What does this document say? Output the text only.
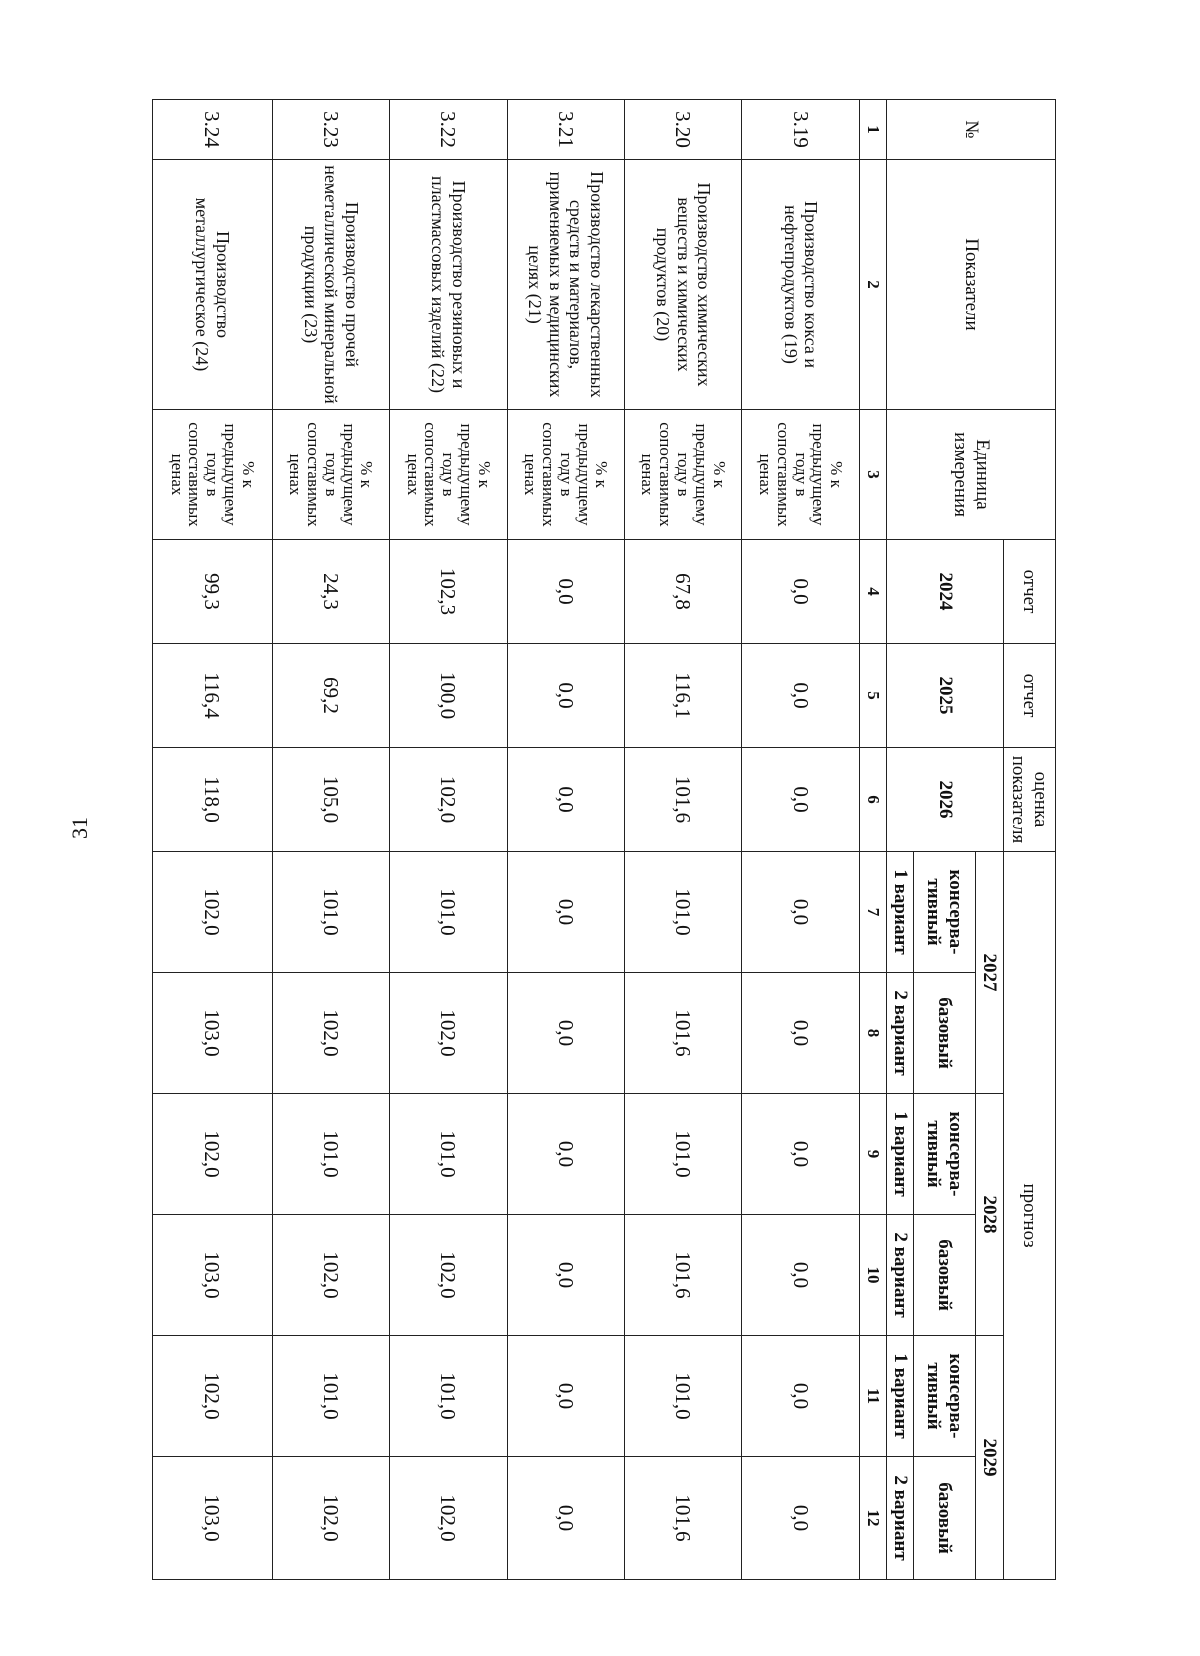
31
№	Показатели	Единица измерения	отчет	отчет	оценка показателя	прогноз					
			2024	2025	2026	2027		2028		2029	
						консерва- тивный	базовый	консерва- тивный	базовый	консерва- тивный	базовый
						1 вариант	2 вариант	1 вариант	2 вариант	1 вариант	2 вариант
1	2	3	4	5	6	7	8	9	10	11	12
3.19	Производство кокса и нефтепродуктов (19)	% к предыдущему году в сопоставимых ценах	0,0	0,0	0,0	0,0	0,0	0,0	0,0	0,0	0,0
3.20	Производство химических веществ и химических продуктов (20)	% к предыдущему году в сопоставимых ценах	67,8	116,1	101,6	101,0	101,6	101,0	101,6	101,0	101,6
3.21	Производство лекарственных средств и материалов, применяемых в медицинских целях (21)	% к предыдущему году в сопоставимых ценах	0,0	0,0	0,0	0,0	0,0	0,0	0,0	0,0	0,0
3.22	Производство резиновых и пластмассовых изделий (22)	% к предыдущему году в сопоставимых ценах	102,3	100,0	102,0	101,0	102,0	101,0	102,0	101,0	102,0
3.23	Производство прочей неметаллической минеральной продукции (23)	% к предыдущему году в сопоставимых ценах	24,3	69,2	105,0	101,0	102,0	101,0	102,0	101,0	102,0
3.24	Производство металлургическое (24)	% к предыдущему году в сопоставимых ценах	99,3	116,4	118,0	102,0	103,0	102,0	103,0	102,0	103,0
